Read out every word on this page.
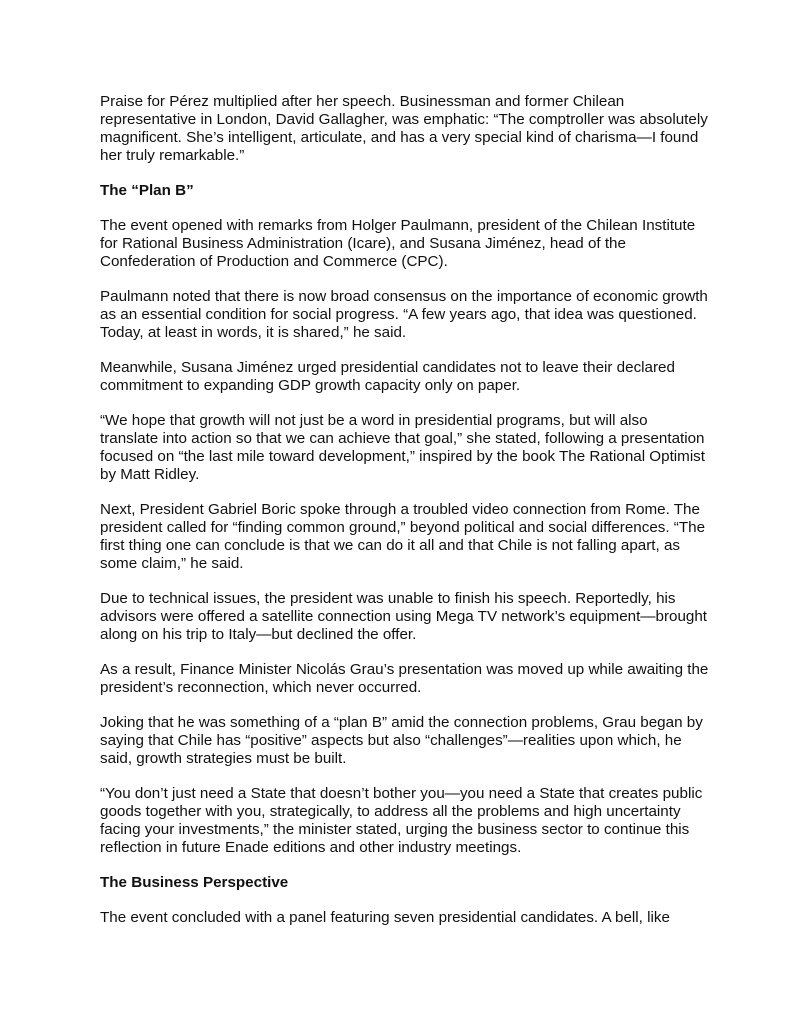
Praise for Pérez multiplied after her speech. Businessman and former Chilean representative in London, David Gallagher, was emphatic: “The comptroller was absolutely magnificent. She’s intelligent, articulate, and has a very special kind of charisma—I found her truly remarkable.”

The “Plan B”

The event opened with remarks from Holger Paulmann, president of the Chilean Institute for Rational Business Administration (Icare), and Susana Jiménez, head of the Confederation of Production and Commerce (CPC).

Paulmann noted that there is now broad consensus on the importance of economic growth as an essential condition for social progress. “A few years ago, that idea was questioned. Today, at least in words, it is shared,” he said.

Meanwhile, Susana Jiménez urged presidential candidates not to leave their declared commitment to expanding GDP growth capacity only on paper.

“We hope that growth will not just be a word in presidential programs, but will also translate into action so that we can achieve that goal,” she stated, following a presentation focused on “the last mile toward development,” inspired by the book The Rational Optimist by Matt Ridley.

Next, President Gabriel Boric spoke through a troubled video connection from Rome. The president called for “finding common ground,” beyond political and social differences. “The first thing one can conclude is that we can do it all and that Chile is not falling apart, as some claim,” he said.

Due to technical issues, the president was unable to finish his speech. Reportedly, his advisors were offered a satellite connection using Mega TV network’s equipment—brought along on his trip to Italy—but declined the offer.

As a result, Finance Minister Nicolás Grau’s presentation was moved up while awaiting the president’s reconnection, which never occurred.

Joking that he was something of a “plan B” amid the connection problems, Grau began by saying that Chile has “positive” aspects but also “challenges”—realities upon which, he said, growth strategies must be built.

“You don’t just need a State that doesn’t bother you—you need a State that creates public goods together with you, strategically, to address all the problems and high uncertainty facing your investments,” the minister stated, urging the business sector to continue this reflection in future Enade editions and other industry meetings.

The Business Perspective

The event concluded with a panel featuring seven presidential candidates. A bell, like
